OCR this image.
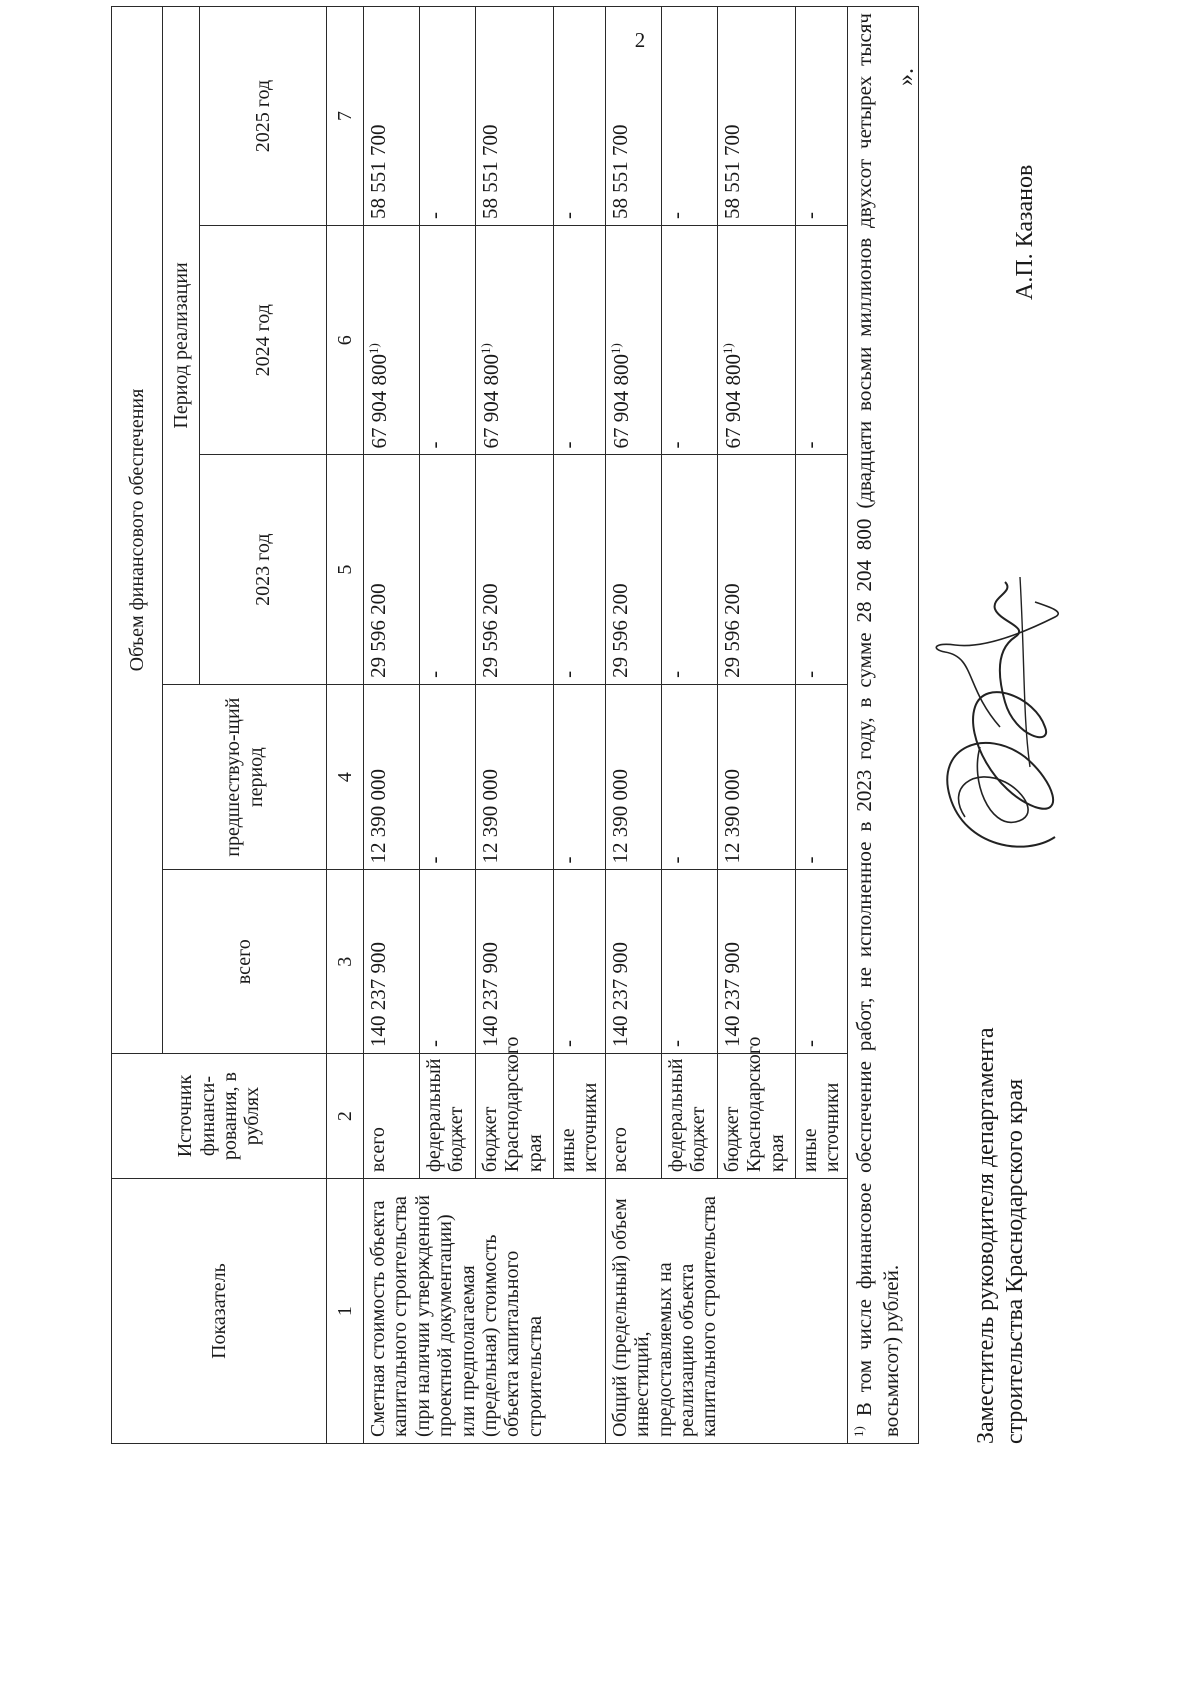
2
Показатель	Источник финанси-рования, в рублях	Объем финансового обеспечения				
		всего	предшествую-щий период	Период реализации		
				2023 год	2024 год	2025 год
1	2	3	4	5	6	7
Сметная стоимость объекта капитального строительства (при наличии утвержденной проектной документации) или предполагаемая (предельная) стоимость объекта капитального строительства	всего	140 237 900	12 390 000	29 596 200	67 904 800$^{1)}$	58 551 700
	федеральный бюджет	-	-	-	-	-
	бюджет Краснодарского края	140 237 900	12 390 000	29 596 200	67 904 800$^{1)}$	58 551 700
	иные источники	-	-	-	-	-
Общий (предельный) объем инвестиций, предоставляемых на реализацию объекта капитального строительства	всего	140 237 900	12 390 000	29 596 200	67 904 800$^{1)}$	58 551 700
	федеральный бюджет	-	-	-	-	-
	бюджет Краснодарского края	140 237 900	12 390 000	29 596 200	67 904 800$^{1)}$	58 551 700
	иные источники	-	-	-	-	-
$^{1)}$ В том числе финансовое обеспечение работ, не исполненное в 2023 году, в сумме 28 204 800 (двадцати восьми миллионов двухсот четырех тысяч восьмисот) рублей.						
».
Заместитель руководителя департамента строительства Краснодарского края
А.П. Казанов
